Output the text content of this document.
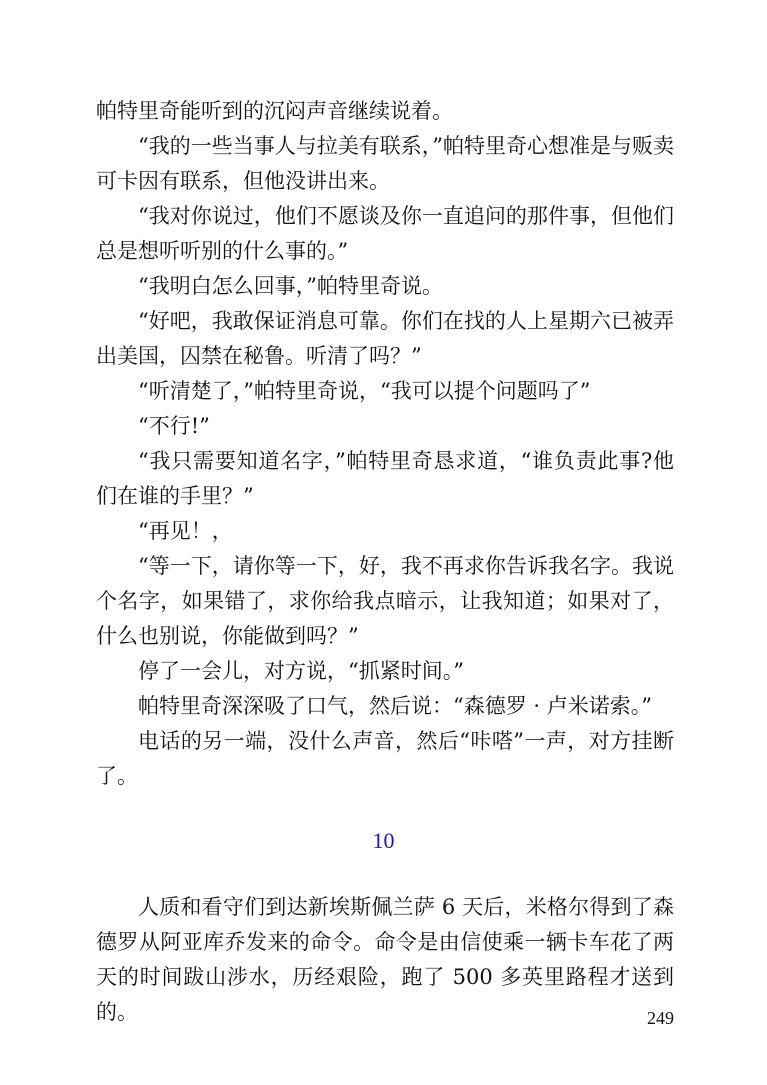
帕特里奇能听到的沉闷声音继续说着。

“我的一些当事人与拉美有联系，”帕特里奇心想准是与贩卖可卡因有联系，但他没讲出来。

“我对你说过，他们不愿谈及你一直追问的那件事，但他们总是想听听别的什么事的。”

“我明白怎么回事，”帕特里奇说。

“好吧，我敢保证消息可靠。你们在找的人上星期六已被弄出美国，囚禁在秘鲁。听清了吗？”

“听清楚了，”帕特里奇说，“我可以提个问题吗了”

“不行!”

“我只需要知道名字，”帕特里奇恳求道，“谁负责此事?他们在谁的手里？”

“再见！，

“等一下，请你等一下，好，我不再求你告诉我名字。我说个名字，如果错了，求你给我点暗示，让我知道；如果对了，什么也别说，你能做到吗？”

停了一会儿，对方说，“抓紧时间。”

帕特里奇深深吸了口气，然后说：“森德罗 · 卢米诺索。”

电话的另一端，没什么声音，然后“咔嗒”一声，对方挂断了。

10

人质和看守们到达新埃斯佩兰萨 6 天后，米格尔得到了森德罗从阿亚库乔发来的命令。命令是由信使乘一辆卡车花了两天的时间跋山涉水，历经艰险，跑了 500 多英里路程才送到的。	249
